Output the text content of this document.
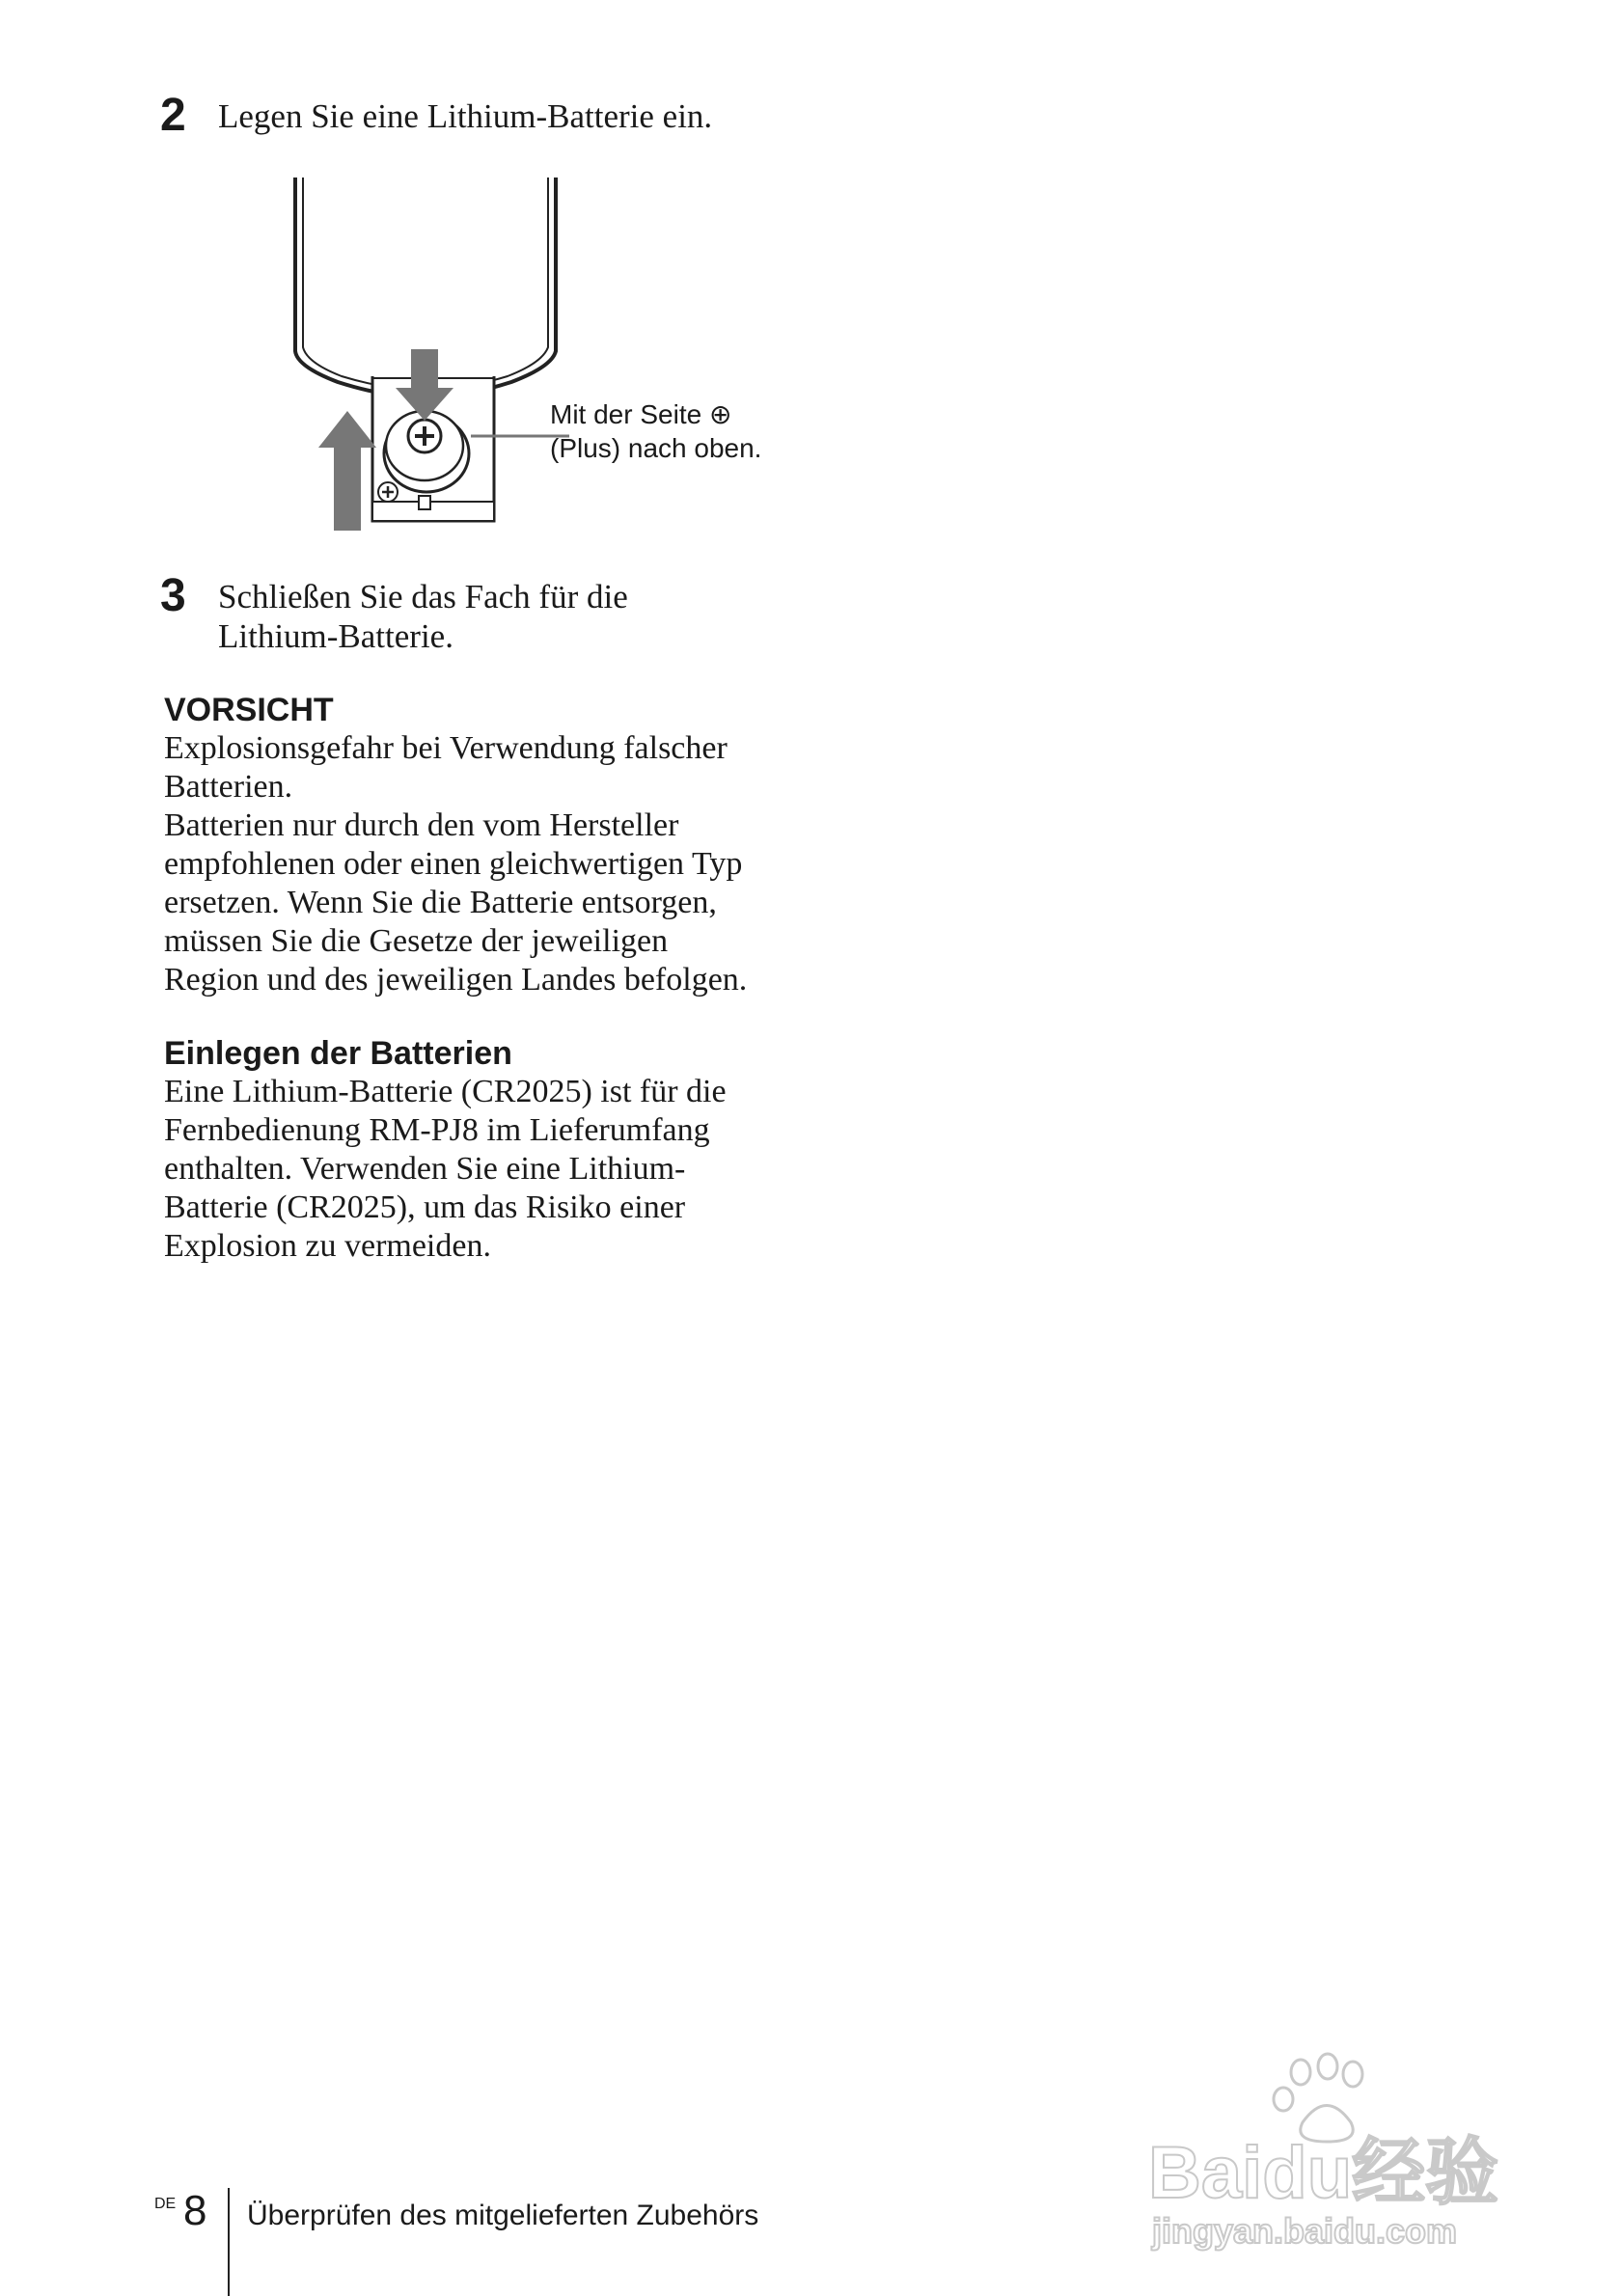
2 Legen Sie eine Lithium-Batterie ein.
Mit der Seite ⊕
(Plus) nach oben.
3 Schließen Sie das Fach für die
Lithium-Batterie.
VORSICHT
Explosionsgefahr bei Verwendung falscher
Batterien.
Batterien nur durch den vom Hersteller
empfohlenen oder einen gleichwertigen Typ
ersetzen. Wenn Sie die Batterie entsorgen,
müssen Sie die Gesetze der jeweiligen
Region und des jeweiligen Landes befolgen.
Einlegen der Batterien
Eine Lithium-Batterie (CR2025) ist für die
Fernbedienung RM-PJ8 im Lieferumfang
enthalten. Verwenden Sie eine Lithium-
Batterie (CR2025), um das Risiko einer
Explosion zu vermeiden.
DE 8 Überprüfen des mitgelieferten Zubehörs
Baidu经验
jingyan.baidu.com
